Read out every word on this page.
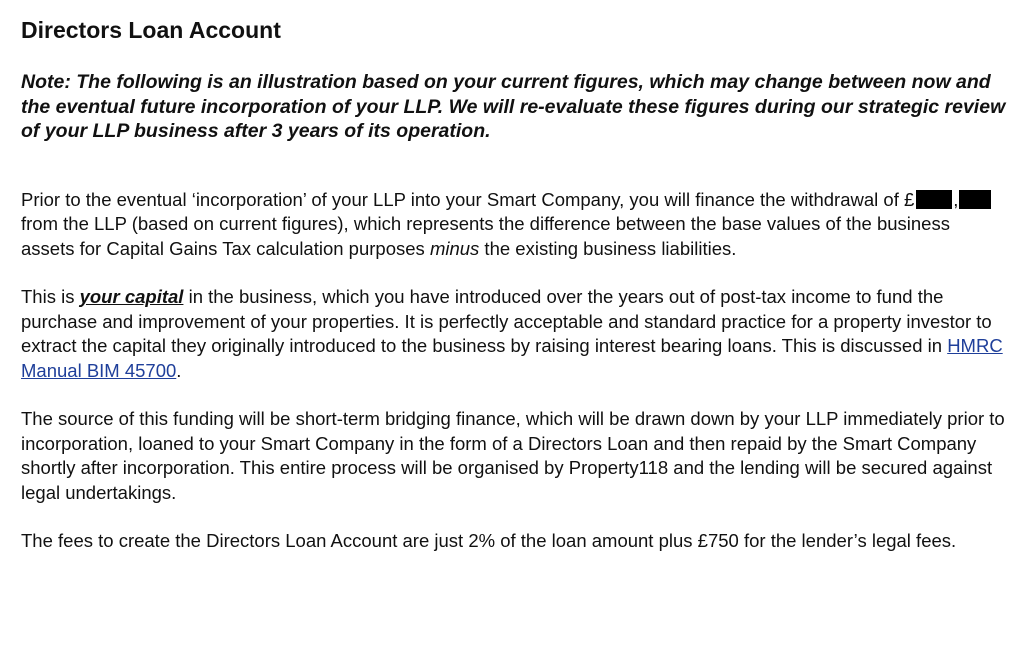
Directors Loan Account

Note: The following is an illustration based on your current figures, which may change between now and the eventual future incorporation of your LLP. We will re-evaluate these figures during our strategic review of your LLP business after 3 years of its operation.

Prior to the eventual ‘incorporation’ of your LLP into your Smart Company, you will finance the withdrawal of £ , from the LLP (based on current figures), which represents the difference between the base values of the business assets for Capital Gains Tax calculation purposes minus the existing business liabilities.

This is your capital in the business, which you have introduced over the years out of post-tax income to fund the purchase and improvement of your properties. It is perfectly acceptable and standard practice for a property investor to extract the capital they originally introduced to the business by raising interest bearing loans. This is discussed in HMRC Manual BIM 45700.

The source of this funding will be short-term bridging finance, which will be drawn down by your LLP immediately prior to incorporation, loaned to your Smart Company in the form of a Directors Loan and then repaid by the Smart Company shortly after incorporation. This entire process will be organised by Property118 and the lending will be secured against legal undertakings.

The fees to create the Directors Loan Account are just 2% of the loan amount plus £750 for the lender’s legal fees.
